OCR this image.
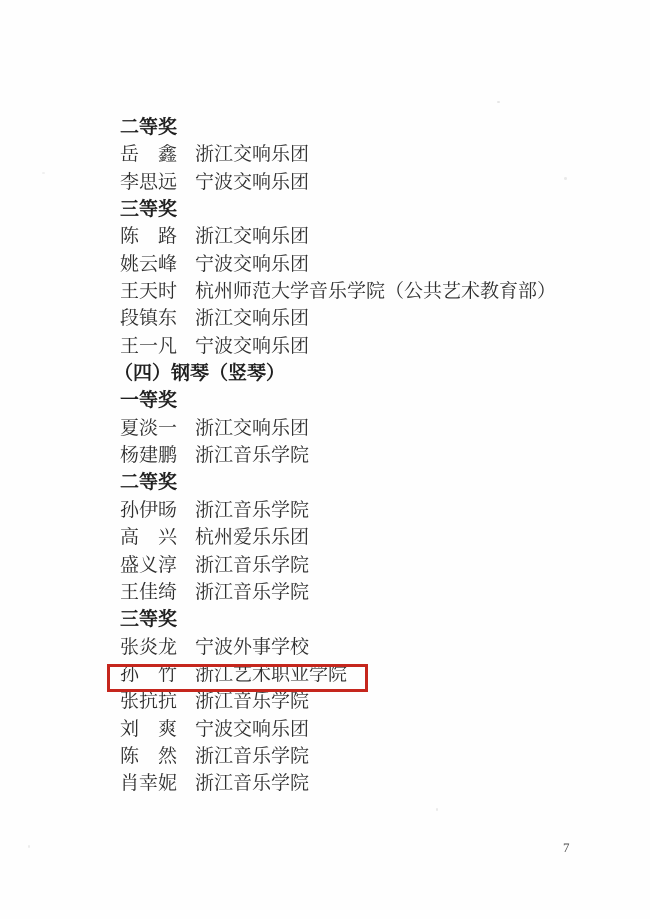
二等奖
岳　鑫 浙江交响乐团
李思远 宁波交响乐团
三等奖
陈　路 浙江交响乐团
姚云峰 宁波交响乐团
王天时 杭州师范大学音乐学院（公共艺术教育部）
段镇东 浙江交响乐团
王一凡 宁波交响乐团
（四）钢琴（竖琴）
一等奖
夏淡一 浙江交响乐团
杨建鹏 浙江音乐学院
二等奖
孙伊旸 浙江音乐学院
高　兴 杭州爱乐乐团
盛义淳 浙江音乐学院
王佳绮 浙江音乐学院
三等奖
张炎龙 宁波外事学校
孙　竹 浙江艺术职业学院
张抗抗 浙江音乐学院
刘　爽 宁波交响乐团
陈　然 浙江音乐学院
肖幸妮 浙江音乐学院
7
